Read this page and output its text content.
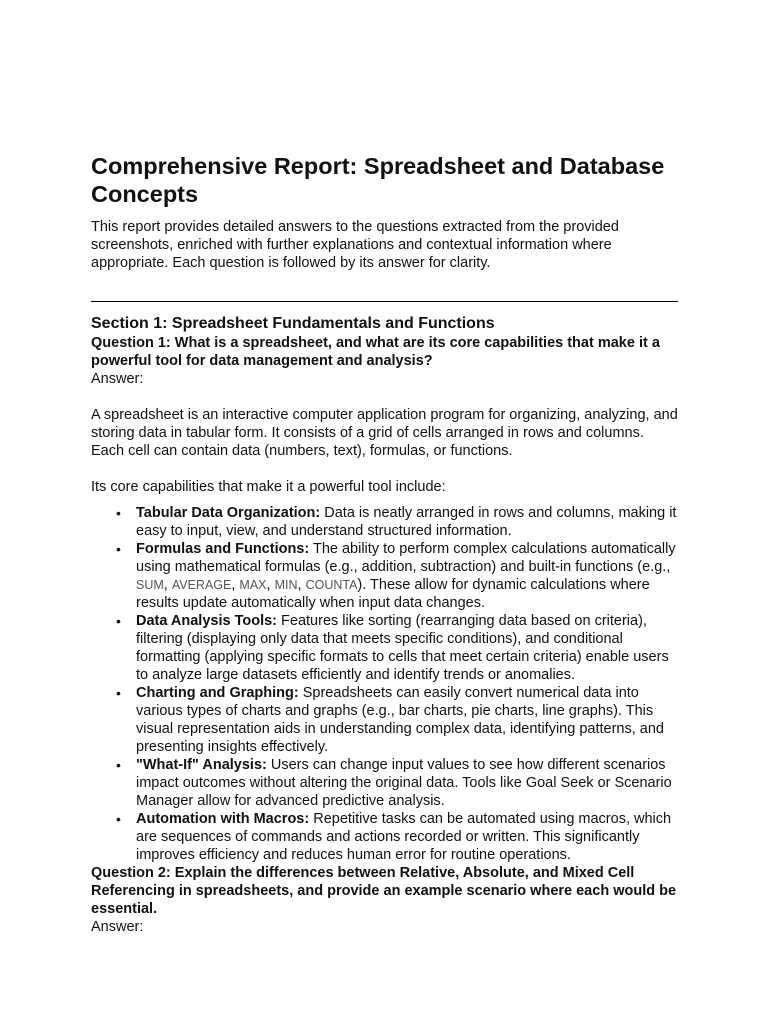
Comprehensive Report: Spreadsheet and Database Concepts

This report provides detailed answers to the questions extracted from the provided screenshots, enriched with further explanations and contextual information where appropriate. Each question is followed by its answer for clarity.

Section 1: Spreadsheet Fundamentals and Functions

Question 1: What is a spreadsheet, and what are its core capabilities that make it a powerful tool for data management and analysis?

Answer:

A spreadsheet is an interactive computer application program for organizing, analyzing, and storing data in tabular form. It consists of a grid of cells arranged in rows and columns. Each cell can contain data (numbers, text), formulas, or functions.

Its core capabilities that make it a powerful tool include:

• Tabular Data Organization: Data is neatly arranged in rows and columns, making it easy to input, view, and understand structured information.
• Formulas and Functions: The ability to perform complex calculations automatically using mathematical formulas (e.g., addition, subtraction) and built-in functions (e.g., SUM, AVERAGE, MAX, MIN, COUNTA). These allow for dynamic calculations where results update automatically when input data changes.
• Data Analysis Tools: Features like sorting (rearranging data based on criteria), filtering (displaying only data that meets specific conditions), and conditional formatting (applying specific formats to cells that meet certain criteria) enable users to analyze large datasets efficiently and identify trends or anomalies.
• Charting and Graphing: Spreadsheets can easily convert numerical data into various types of charts and graphs (e.g., bar charts, pie charts, line graphs). This visual representation aids in understanding complex data, identifying patterns, and presenting insights effectively.
• "What-If" Analysis: Users can change input values to see how different scenarios impact outcomes without altering the original data. Tools like Goal Seek or Scenario Manager allow for advanced predictive analysis.
• Automation with Macros: Repetitive tasks can be automated using macros, which are sequences of commands and actions recorded or written. This significantly improves efficiency and reduces human error for routine operations.

Question 2: Explain the differences between Relative, Absolute, and Mixed Cell Referencing in spreadsheets, and provide an example scenario where each would be essential.

Answer:
